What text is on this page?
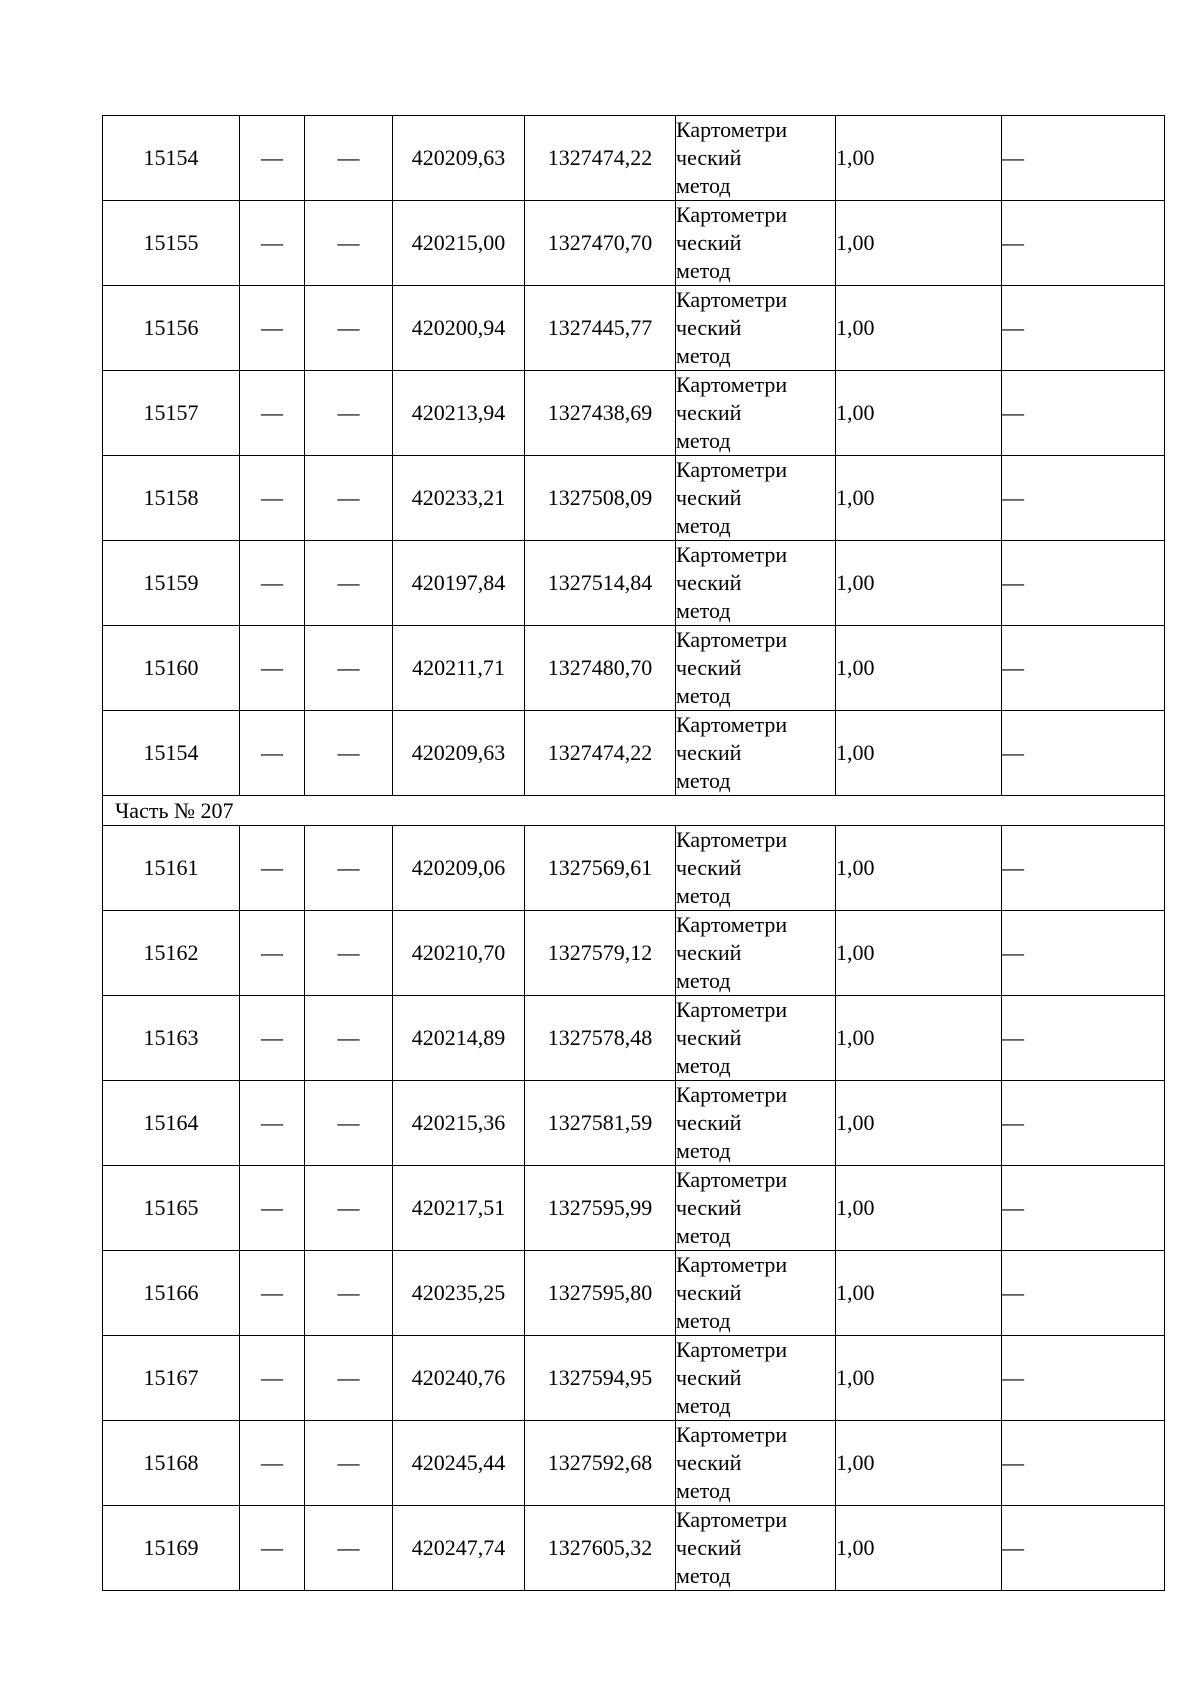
15154	—	—	420209,63	1327474,22	Картометри
ческий
метод	1,00	—
15155	—	—	420215,00	1327470,70	Картометри
ческий
метод	1,00	—
15156	—	—	420200,94	1327445,77	Картометри
ческий
метод	1,00	—
15157	—	—	420213,94	1327438,69	Картометри
ческий
метод	1,00	—
15158	—	—	420233,21	1327508,09	Картометри
ческий
метод	1,00	—
15159	—	—	420197,84	1327514,84	Картометри
ческий
метод	1,00	—
15160	—	—	420211,71	1327480,70	Картометри
ческий
метод	1,00	—
15154	—	—	420209,63	1327474,22	Картометри
ческий
метод	1,00	—
Часть № 207							
15161	—	—	420209,06	1327569,61	Картометри
ческий
метод	1,00	—
15162	—	—	420210,70	1327579,12	Картометри
ческий
метод	1,00	—
15163	—	—	420214,89	1327578,48	Картометри
ческий
метод	1,00	—
15164	—	—	420215,36	1327581,59	Картометри
ческий
метод	1,00	—
15165	—	—	420217,51	1327595,99	Картометри
ческий
метод	1,00	—
15166	—	—	420235,25	1327595,80	Картометри
ческий
метод	1,00	—
15167	—	—	420240,76	1327594,95	Картометри
ческий
метод	1,00	—
15168	—	—	420245,44	1327592,68	Картометри
ческий
метод	1,00	—
15169	—	—	420247,74	1327605,32	Картометри
ческий
метод	1,00	—
